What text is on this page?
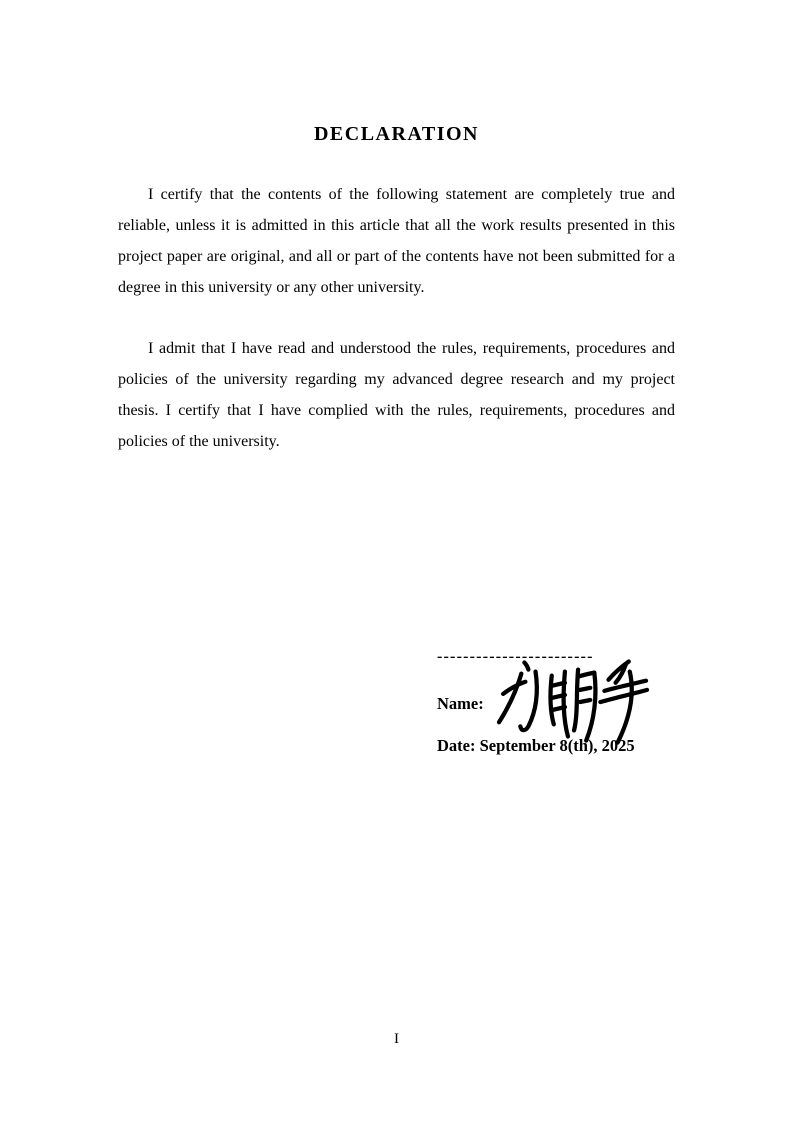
DECLARATION

I certify that the contents of the following statement are completely true and reliable, unless it is admitted in this article that all the work results presented in this project paper are original, and all or part of the contents have not been submitted for a degree in this university or any other university.

I admit that I have read and understood the rules, requirements, procedures and policies of the university regarding my advanced degree research and my project thesis. I certify that I have complied with the rules, requirements, procedures and policies of the university.

------------------------
Name:
Date: September 8(th), 2025
I
